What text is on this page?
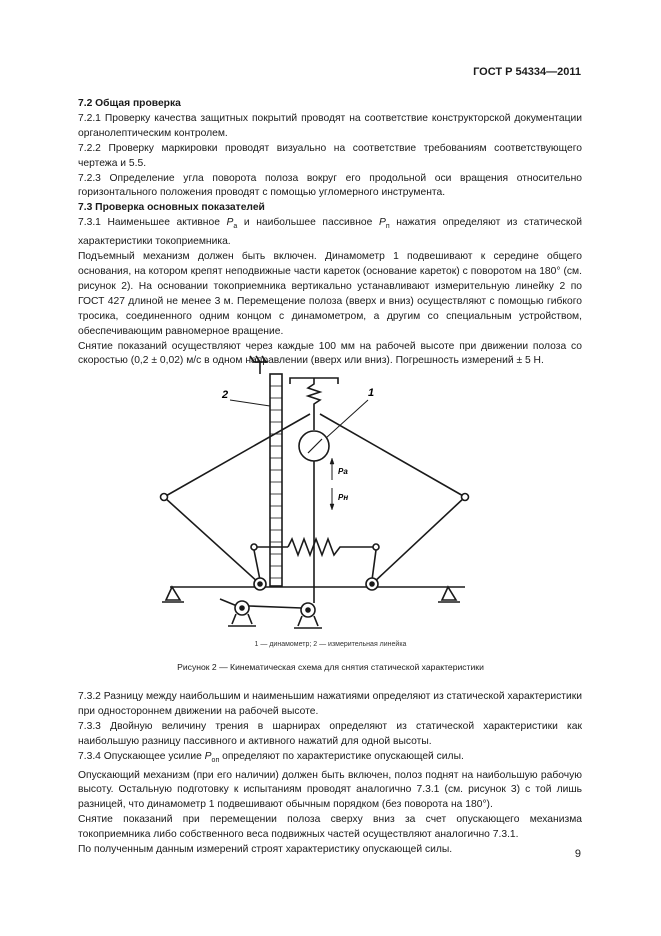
ГОСТ Р 54334—2011

7.2 Общая проверка

7.2.1 Проверку качества защитных покрытий проводят на соответствие конструкторской документации органолептическим контролем.

7.2.2 Проверку маркировки проводят визуально на соответствие требованиям соответствующего чертежа и 5.5.

7.2.3 Определение угла поворота полоза вокруг его продольной оси вращения относительно горизонтального положения проводят с помощью угломерного инструмента.

7.3 Проверка основных показателей

7.3.1 Наименьшее активное $P_а$ и наибольшее пассивное $P_п$ нажатия определяют из статической характеристики токоприемника.

Подъемный механизм должен быть включен. Динамометр 1 подвешивают к середине общего основания, на котором крепят неподвижные части кареток (основание кареток) с поворотом на 180° (см. рисунок 2). На основании токоприемника вертикально устанавливают измерительную линейку 2 по ГОСТ 427 длиной не менее 3 м. Перемещение полоза (вверх и вниз) осуществляют с помощью гибкого тросика, соединенного одним концом с динамометром, а другим со специальным устройством, обеспечивающим равномерное вращение.

Снятие показаний осуществляют через каждые 100 мм на рабочей высоте при движении полоза со скоростью (0,2 ± 0,02) м/с в одном направлении (вверх или вниз). Погрешность измерений ± 5 Н.

2	1
Pа
Pн
1 — динамометр; 2 — измерительная линейка
Рисунок 2 — Кинематическая схема для снятия статической характеристики

7.3.2 Разницу между наибольшим и наименьшим нажатиями определяют из статической характеристики при одностороннем движении на рабочей высоте.

7.3.3 Двойную величину трения в шарнирах определяют из статической характеристики как наибольшую разницу пассивного и активного нажатий для одной высоты.

7.3.4 Опускающее усилие $P_{оп}$ определяют по характеристике опускающей силы.

Опускающий механизм (при его наличии) должен быть включен, полоз поднят на наибольшую рабочую высоту. Остальную подготовку к испытаниям проводят аналогично 7.3.1 (см. рисунок 3) с той лишь разницей, что динамометр 1 подвешивают обычным порядком (без поворота на 180°).

Снятие показаний при перемещении полоза сверху вниз за счет опускающего механизма токоприемника либо собственного веса подвижных частей осуществляют аналогично 7.3.1.

По полученным данным измерений строят характеристику опускающей силы.	9
